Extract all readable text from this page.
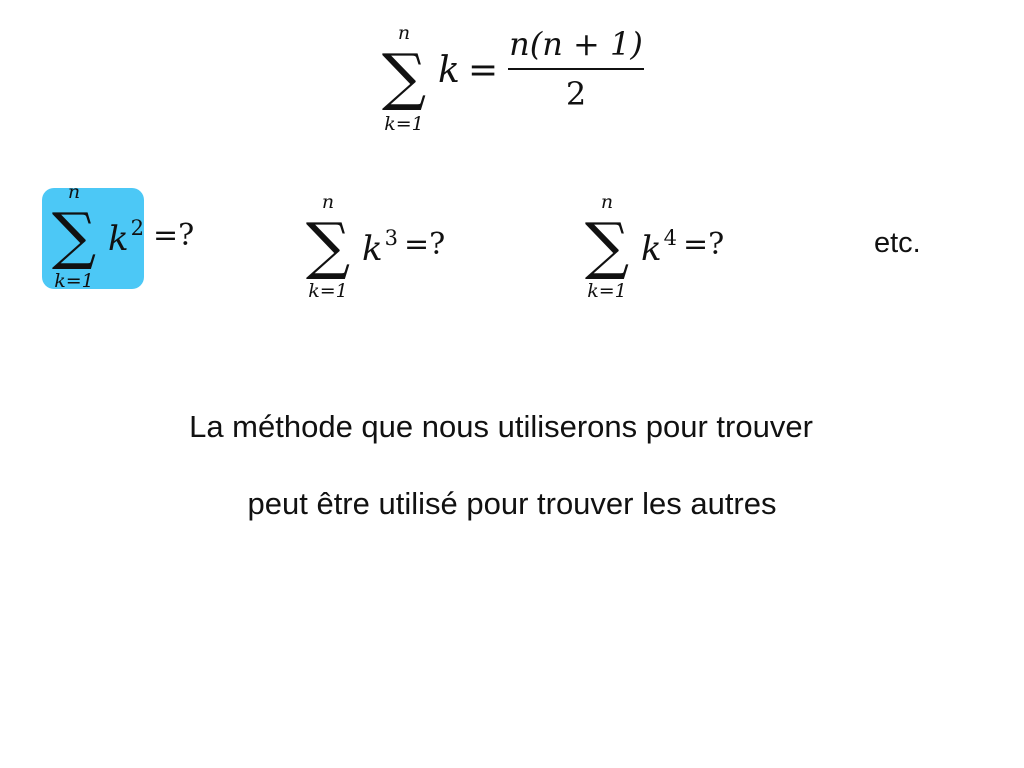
n
∑
k=1
k =
n(n + 1)
2
n
∑
k=1
$k^2$ =?
n
∑
k=1
$k^3$ =?
n
∑
k=1
$k^4$ =?	etc.
La méthode que nous utiliserons pour trouver
peut être utilisé pour trouver les autres
